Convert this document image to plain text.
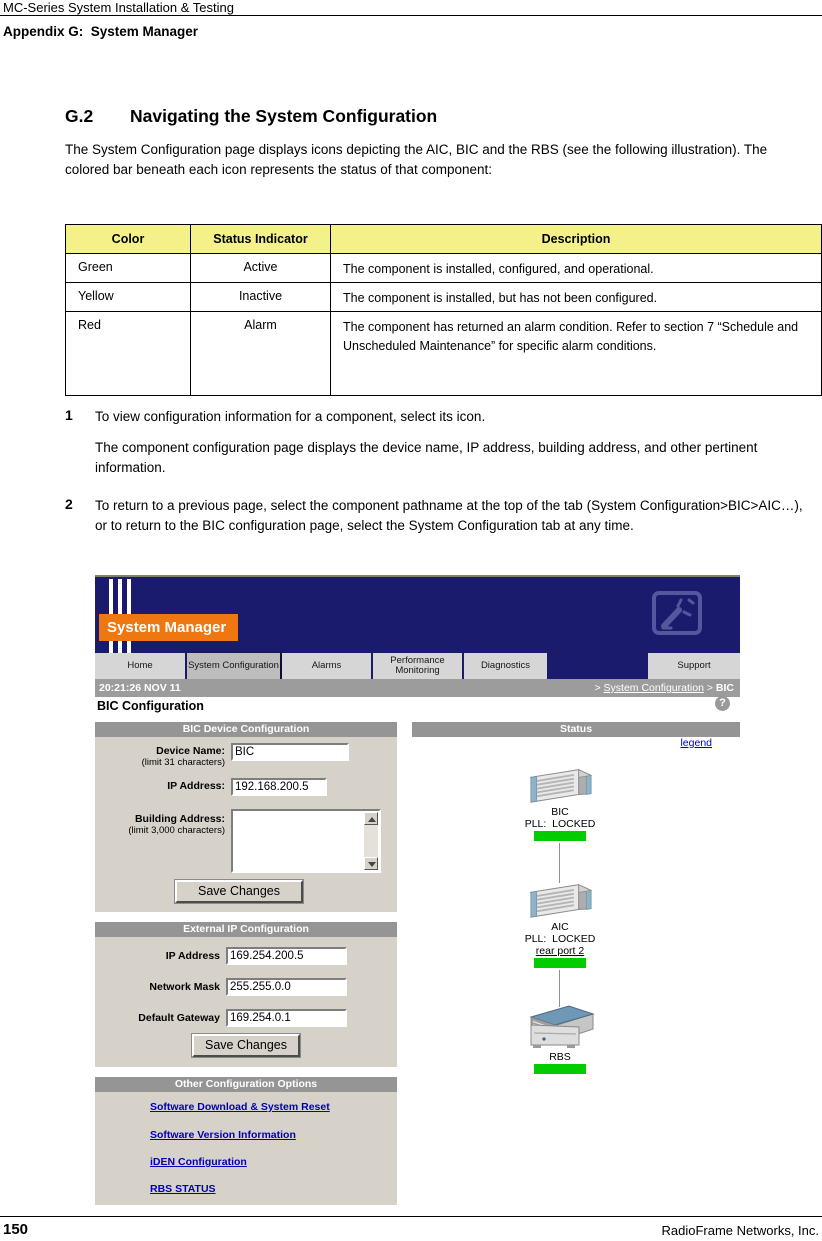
MC-Series System Installation & Testing
Appendix G:  System Manager
G.2	Navigating the System Configuration
The System Configuration page displays icons depicting the AIC, BIC and the RBS (see the following illustration). The colored bar beneath each icon represents the status of that component:
Color	Status Indicator	Description
Green	Active	The component is installed, configured, and operational.
Yellow	Inactive	The component is installed, but has not been configured.
Red	Alarm	The component has returned an alarm condition. Refer to section 7 “Schedule and Unscheduled Maintenance” for specific alarm conditions.
1	To view configuration information for a component, select its icon.
The component configuration page displays the device name, IP address, building address, and other pertinent information.
2	To return to a previous page, select the component pathname at the top of the tab (System Configuration>BIC>AIC…), or to return to the BIC configuration page, select the System Configuration tab at any time.
System Manager
Home	System Configuration	Alarms	Performance Monitoring	Diagnostics	Support
20:21:26 NOV 11	> System Configuration > BIC
BIC Configuration	?
BIC Device Configuration
Device Name:
(limit 31 characters)
BIC
IP Address:
192.168.200.5
Building Address:
(limit 3,000 characters)
Save Changes
External IP Configuration
IP Address
169.254.200.5
Network Mask
255.255.0.0
Default Gateway
169.254.0.1
Save Changes
Other Configuration Options
Software Download & System Reset
Software Version Information
iDEN Configuration
RBS STATUS
Status
legend
BIC
PLL:  LOCKED
AIC
PLL:  LOCKED
rear port 2
RBS
150	RadioFrame Networks, Inc.
